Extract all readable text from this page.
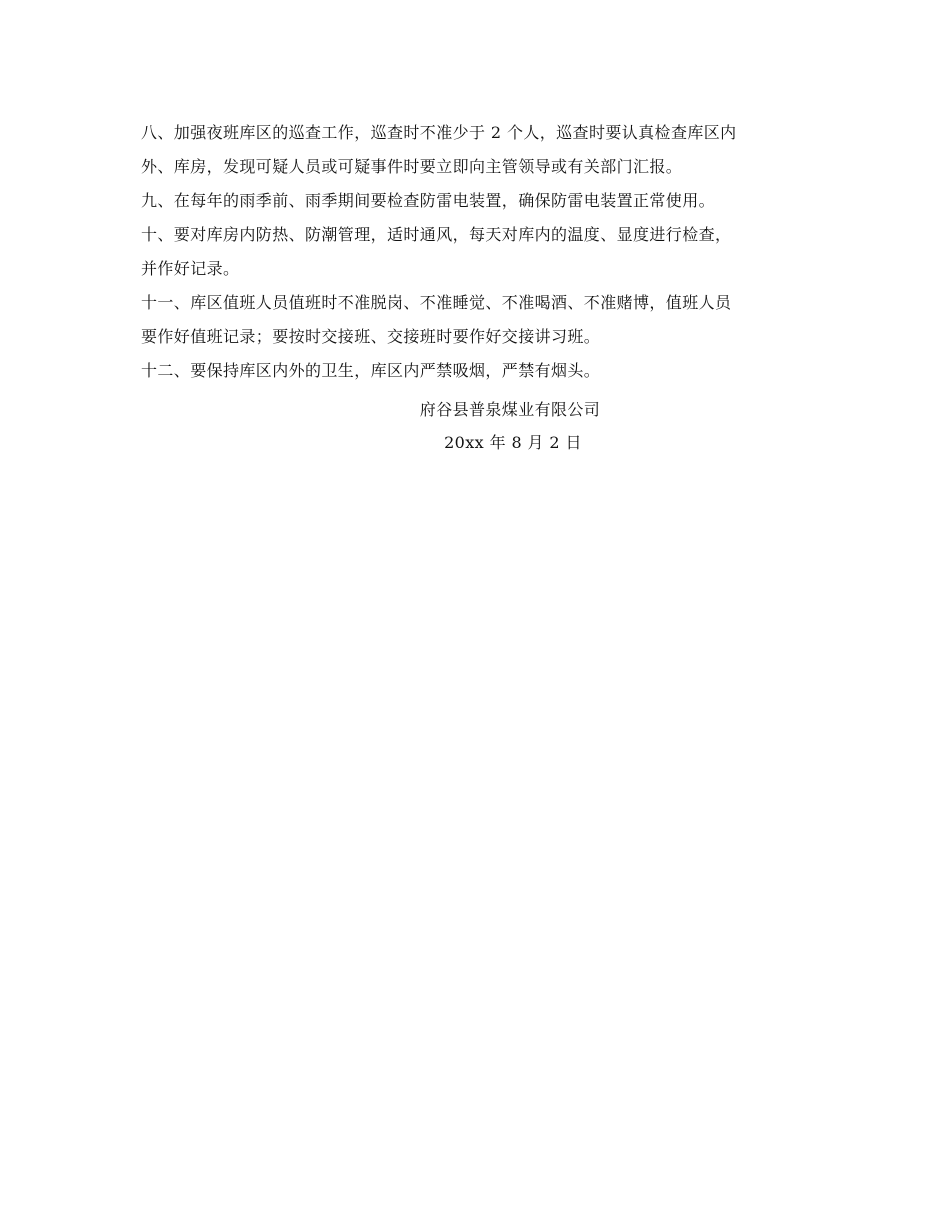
八、加强夜班库区的巡查工作，巡查时不准少于 2 个人，巡查时要认真检查库区内
外、库房，发现可疑人员或可疑事件时要立即向主管领导或有关部门汇报。

九、在每年的雨季前、雨季期间要检查防雷电装置，确保防雷电装置正常使用。

十、要对库房内防热、防潮管理，适时通风，每天对库内的温度、显度进行检查，
并作好记录。

十一、库区值班人员值班时不准脱岗、不准睡觉、不准喝酒、不准赌博，值班人员
要作好值班记录；要按时交接班、交接班时要作好交接讲习班。

十二、要保持库区内外的卫生，库区内严禁吸烟，严禁有烟头。

府谷县普泉煤业有限公司
20xx 年 8 月 2 日
